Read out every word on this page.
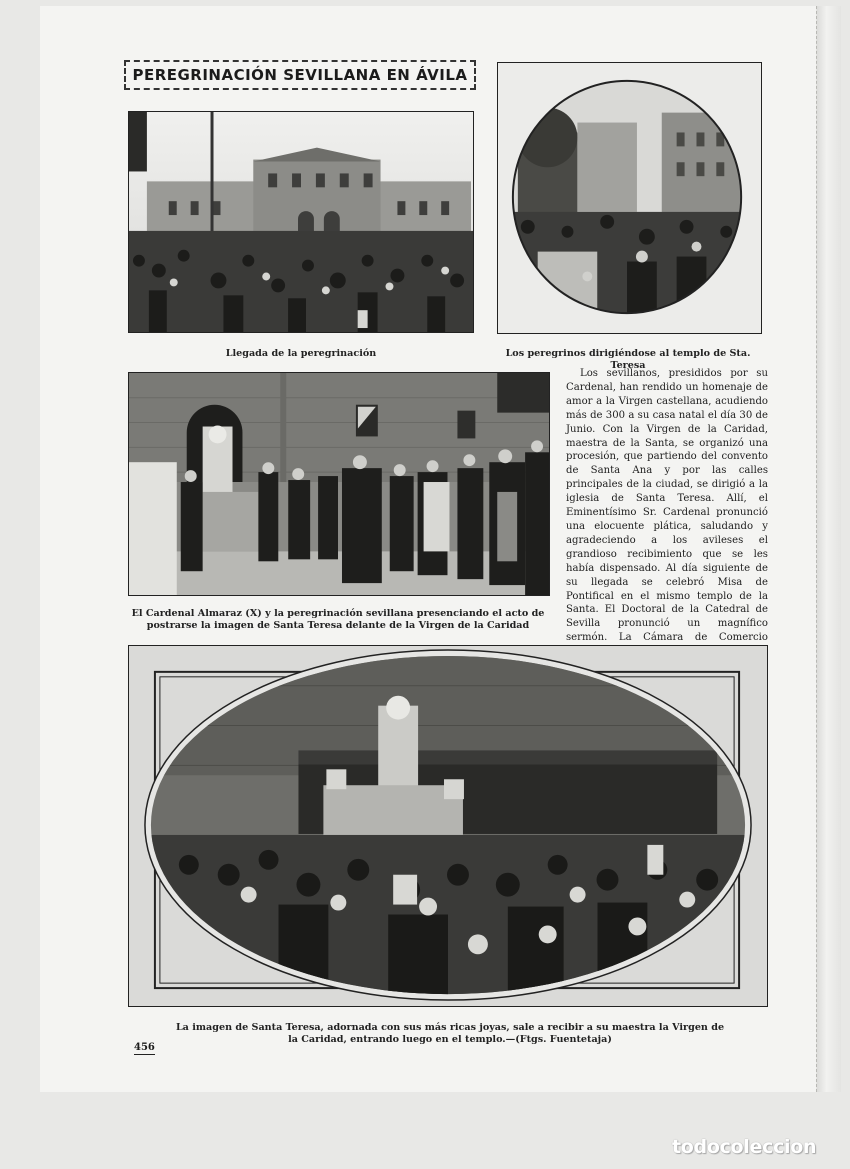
PEREGRINACIÓN SEVILLANA EN ÁVILA
Llegada de la peregrinación	Los peregrinos dirigiéndose al templo de Sta. Teresa
El Cardenal Almaraz (X) y la peregrinación sevillana presenciando el acto de postrarse la imagen de Santa Teresa delante de la Virgen de la Caridad

Los sevillanos, presididos por su Cardenal, han rendido un homenaje de amor a la Virgen castellana, acudiendo más de 300 a su casa natal el día 30 de Junio. Con la Virgen de la Caridad, maestra de la Santa, se organizó una procesión, que partiendo del convento de Santa Ana y por las calles principales de la ciudad, se dirigió a la iglesia de Santa Teresa. Allí, el Eminentísimo Sr. Cardenal pronunció una elocuente plática, saludando y agradeciendo a los avileses el grandioso recibimiento que se les había dispensado. Al día siguiente de su llegada se celebró Misa de Pontifical en el mismo templo de la Santa. El Doctoral de la Catedral de Sevilla pronunció un magnífico sermón. La Cámara de Comercio

La imagen de Santa Teresa, adornada con sus más ricas joyas, sale a recibir a su maestra la Virgen de la Caridad, entrando luego en el templo.—(Ftgs. Fuentetaja)
456
todocoleccion
